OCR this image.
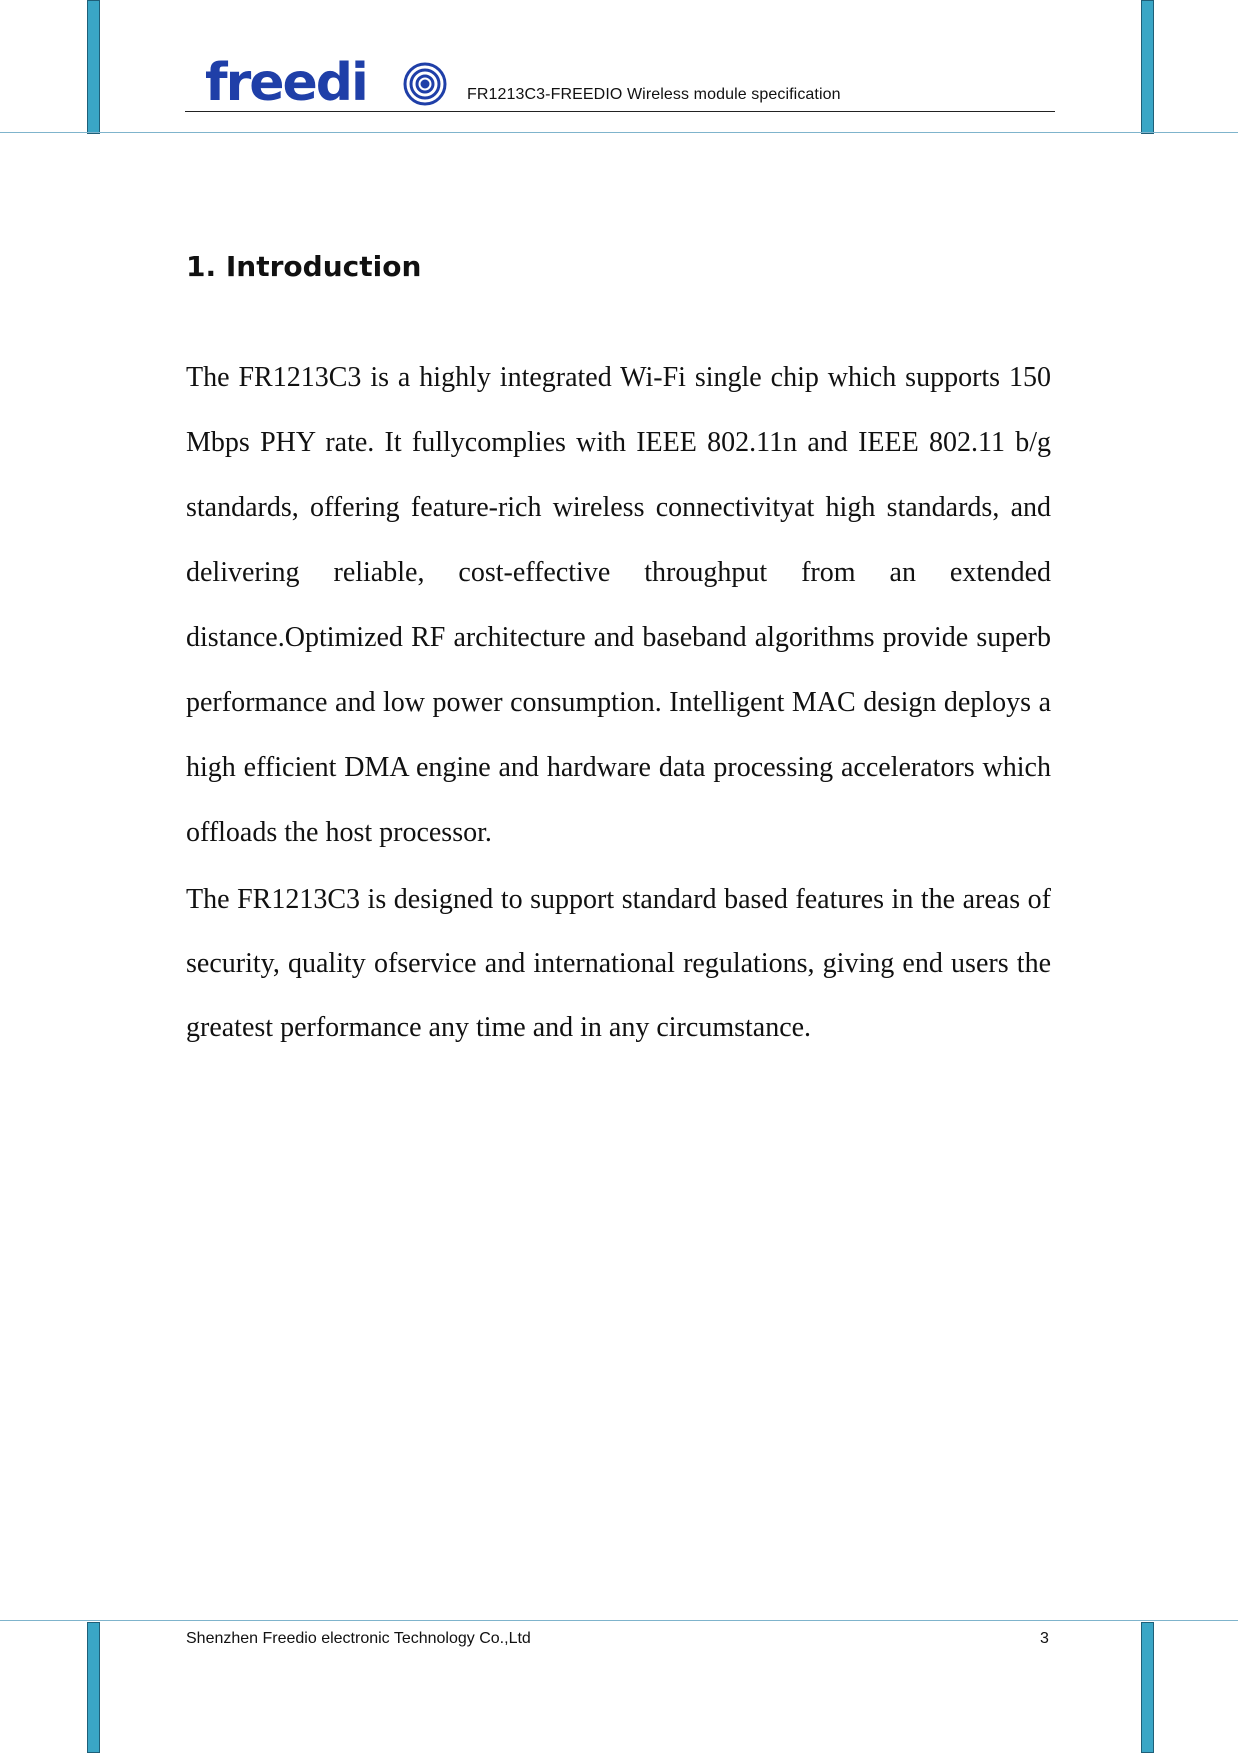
freedi	FR1213C3-FREEDIO Wireless module specification
1. Introduction

The FR1213C3 is a highly integrated Wi-Fi single chip which supports 150 Mbps PHY rate. It fullycomplies with IEEE 802.11n and IEEE 802.11 b/g standards, offering feature-rich wireless connectivityat high standards, and delivering reliable, cost-effective throughput from an extended distance.Optimized RF architecture and baseband algorithms provide superb performance and low power consumption. Intelligent MAC design deploys a high efficient DMA engine and hardware data processing accelerators which offloads the host processor.

The FR1213C3 is designed to support standard based features in the areas of security, quality ofservice and international regulations, giving end users the greatest performance any time and in any circumstance.

Shenzhen Freedio electronic Technology Co.,Ltd	3
